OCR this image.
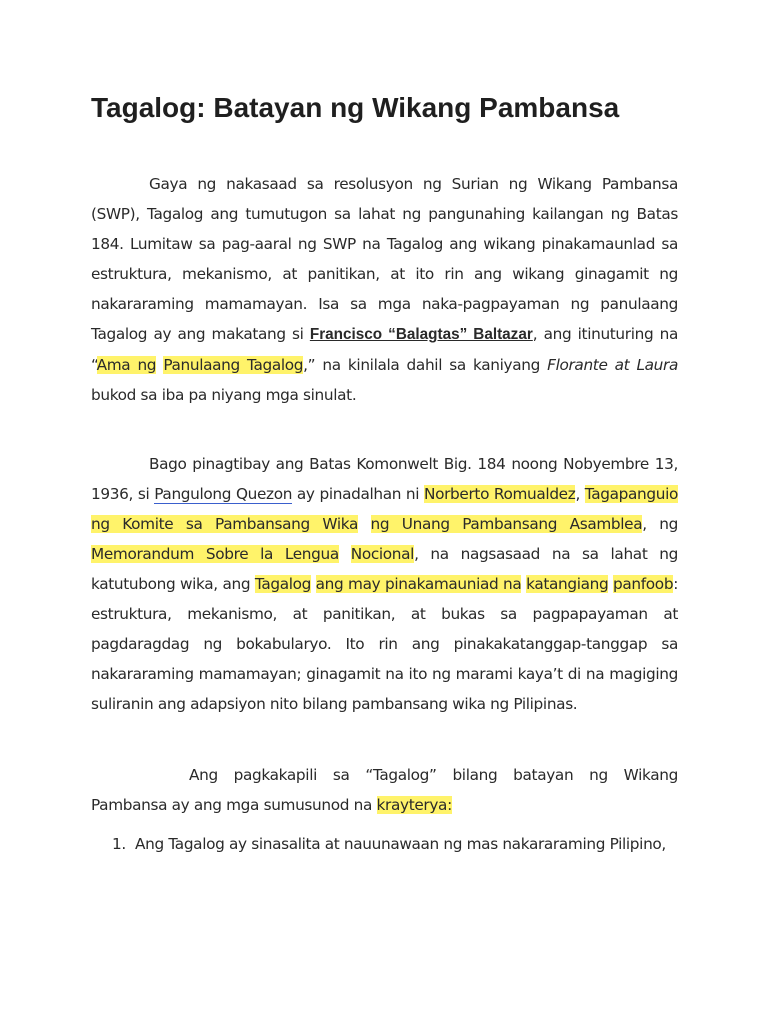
Tagalog: Batayan ng Wikang Pambansa

Gaya ng nakasaad sa resolusyon ng Surian ng Wikang Pambansa (SWP), Tagalog ang tumutugon sa lahat ng pangunahing kailangan ng Batas 184. Lumitaw sa pag-aaral ng SWP na Tagalog ang wikang pinakamaunlad sa estruktura, mekanismo, at panitikan, at ito rin ang wikang ginagamit ng nakararaming mamamayan. Isa sa mga naka-pagpayaman ng panulaang Tagalog ay ang makatang si Francisco “Balagtas” Baltazar, ang itinuturing na “Ama ng Panulaang Tagalog,” na kinilala dahil sa kaniyang Florante at Laura bukod sa iba pa niyang mga sinulat.

Bago pinagtibay ang Batas Komonwelt Big. 184 noong Nobyembre 13, 1936, si Pangulong Quezon ay pinadalhan ni Norberto Romualdez, Tagapanguio ng Komite sa Pambansang Wika ng Unang Pambansang Asamblea, ng Memorandum Sobre la Lengua Nocional, na nagsasaad na sa lahat ng katutubong wika, ang Tagalog ang may pinakamauniad na katangiang panfoob: estruktura, mekanismo, at panitikan, at bukas sa pagpapayaman at pagdaragdag ng bokabularyo. Ito rin ang pinakakatanggap-tanggap sa nakararaming mamamayan; ginagamit na ito ng marami kaya’t di na magiging suliranin ang adapsiyon nito bilang pambansang wika ng Pilipinas.

Ang pagkakapili sa “Tagalog” bilang batayan ng Wikang Pambansa ay ang mga sumusunod na krayterya:

1. Ang Tagalog ay sinasalita at nauunawaan ng mas nakararaming Pilipino,
